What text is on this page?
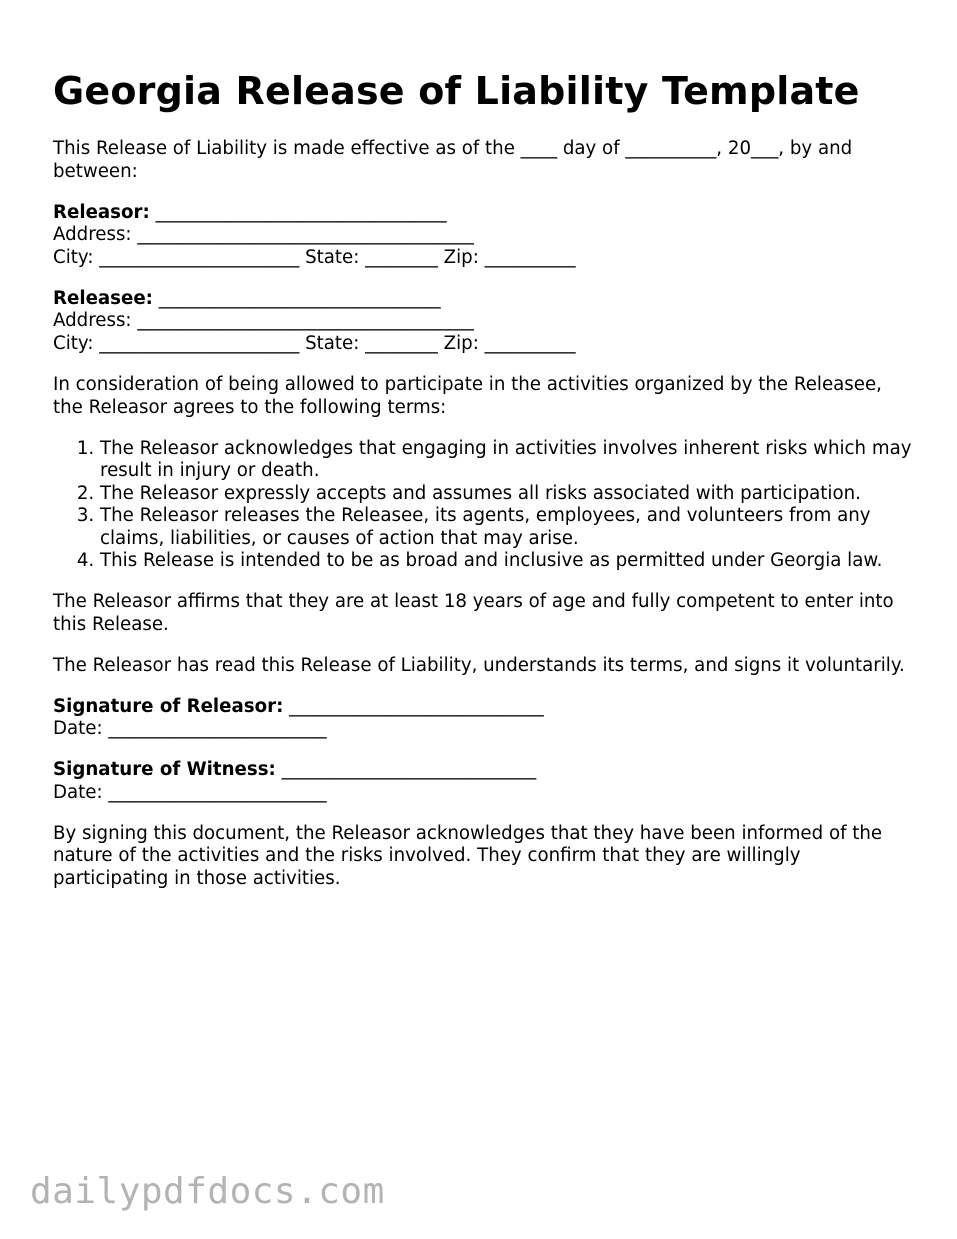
Georgia Release of Liability Template

This Release of Liability is made effective as of the ____ day of __________, 20___, by and between:

Releasor: ________________________________
Address: _____________________________________
City: ______________________ State: ________ Zip: __________
Releasee: _______________________________
Address: _____________________________________
City: ______________________ State: ________ Zip: __________

In consideration of being allowed to participate in the activities organized by the Releasee, the Releasor agrees to the following terms:

1. The Releasor acknowledges that engaging in activities involves inherent risks which may result in injury or death.
2. The Releasor expressly accepts and assumes all risks associated with participation.
3. The Releasor releases the Releasee, its agents, employees, and volunteers from any claims, liabilities, or causes of action that may arise.
4. This Release is intended to be as broad and inclusive as permitted under Georgia law.

The Releasor affirms that they are at least 18 years of age and fully competent to enter into this Release.

The Releasor has read this Release of Liability, understands its terms, and signs it voluntarily.

Signature of Releasor: ____________________________
Date: ________________________
Signature of Witness: ____________________________
Date: ________________________

By signing this document, the Releasor acknowledges that they have been informed of the nature of the activities and the risks involved. They confirm that they are willingly participating in those activities.

dailypdfdocs.com
